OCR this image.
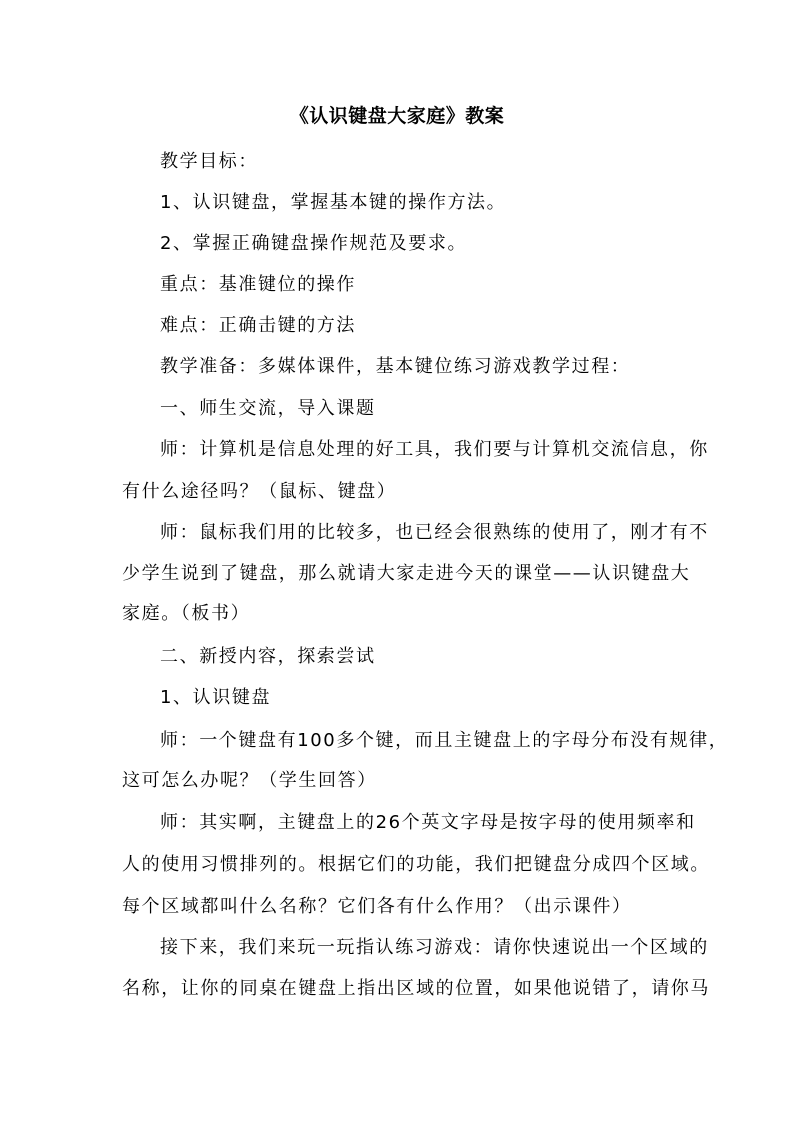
《认识键盘大家庭》教案
教学目标：
1、认识键盘，掌握基本键的操作方法。
2、掌握正确键盘操作规范及要求。
重点：基准键位的操作
难点：正确击键的方法
教学准备：多媒体课件，基本键位练习游戏教学过程：
一、师生交流，导入课题
师：计算机是信息处理的好工具，我们要与计算机交流信息，你
有什么途径吗？（鼠标、键盘）
师：鼠标我们用的比较多，也已经会很熟练的使用了，刚才有不
少学生说到了键盘，那么就请大家走进今天的课堂——认识键盘大
家庭。（板书）
二、新授内容，探索尝试
1、认识键盘
师：一个键盘有100多个键，而且主键盘上的字母分布没有规律，
这可怎么办呢？（学生回答）
师：其实啊，主键盘上的26个英文字母是按字母的使用频率和
人的使用习惯排列的。根据它们的功能，我们把键盘分成四个区域。
每个区域都叫什么名称？它们各有什么作用？（出示课件）
接下来，我们来玩一玩指认练习游戏：请你快速说出一个区域的
名称，让你的同桌在键盘上指出区域的位置，如果他说错了，请你马
